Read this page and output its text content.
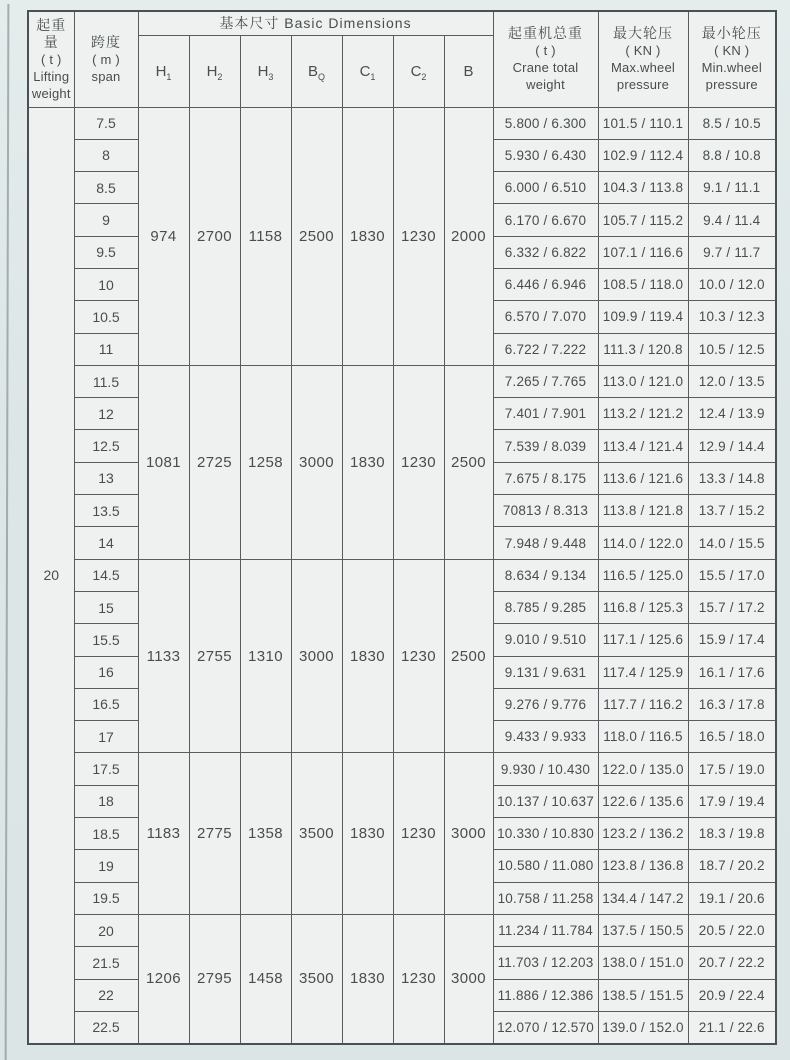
起重量
( t )
Lifting
weight

跨度
( m )
span
	基本尺寸 Basic Dimensions	
起重机总重
( t )
Crane total
weight

最大轮压
( KN )
Max.wheel
pressure

最小轮压
( KN )
Min.wheel
pressure

		$H_1$	$H_2$	$H_3$	$B_Q$	$C_1$	$C_2$	B			
20	7.5	974	2700	1158	2500	1830	1230	2000	5.800 / 6.300	101.5 / 110.1	8.5 / 10.5
	8								5.930 / 6.430	102.9 / 112.4	8.8 / 10.8
	8.5								6.000 / 6.510	104.3 / 113.8	9.1 / 11.1
	9								6.170 / 6.670	105.7 / 115.2	9.4 / 11.4
	9.5								6.332 / 6.822	107.1 / 116.6	9.7 / 11.7
	10								6.446 / 6.946	108.5 / 118.0	10.0 / 12.0
	10.5								6.570 / 7.070	109.9 / 119.4	10.3 / 12.3
	11								6.722 / 7.222	111.3 / 120.8	10.5 / 12.5
	11.5	1081	2725	1258	3000	1830	1230	2500	7.265 / 7.765	113.0 / 121.0	12.0 / 13.5
	12								7.401 / 7.901	113.2 / 121.2	12.4 / 13.9
	12.5								7.539 / 8.039	113.4 / 121.4	12.9 / 14.4
	13								7.675 / 8.175	113.6 / 121.6	13.3 / 14.8
	13.5								70813 / 8.313	113.8 / 121.8	13.7 / 15.2
	14								7.948 / 9.448	114.0 / 122.0	14.0 / 15.5
	14.5	1133	2755	1310	3000	1830	1230	2500	8.634 / 9.134	116.5 / 125.0	15.5 / 17.0
	15								8.785 / 9.285	116.8 / 125.3	15.7 / 17.2
	15.5								9.010 / 9.510	117.1 / 125.6	15.9 / 17.4
	16								9.131 / 9.631	117.4 / 125.9	16.1 / 17.6
	16.5								9.276 / 9.776	117.7 / 116.2	16.3 / 17.8
	17								9.433 / 9.933	118.0 / 116.5	16.5 / 18.0
	17.5	1183	2775	1358	3500	1830	1230	3000	9.930 / 10.430	122.0 / 135.0	17.5 / 19.0
	18								10.137 / 10.637	122.6 / 135.6	17.9 / 19.4
	18.5								10.330 / 10.830	123.2 / 136.2	18.3 / 19.8
	19								10.580 / 11.080	123.8 / 136.8	18.7 / 20.2
	19.5								10.758 / 11.258	134.4 / 147.2	19.1 / 20.6
	20	1206	2795	1458	3500	1830	1230	3000	11.234 / 11.784	137.5 / 150.5	20.5 / 22.0
	21.5								11.703 / 12.203	138.0 / 151.0	20.7 / 22.2
	22								11.886 / 12.386	138.5 / 151.5	20.9 / 22.4
	22.5								12.070 / 12.570	139.0 / 152.0	21.1 / 22.6
